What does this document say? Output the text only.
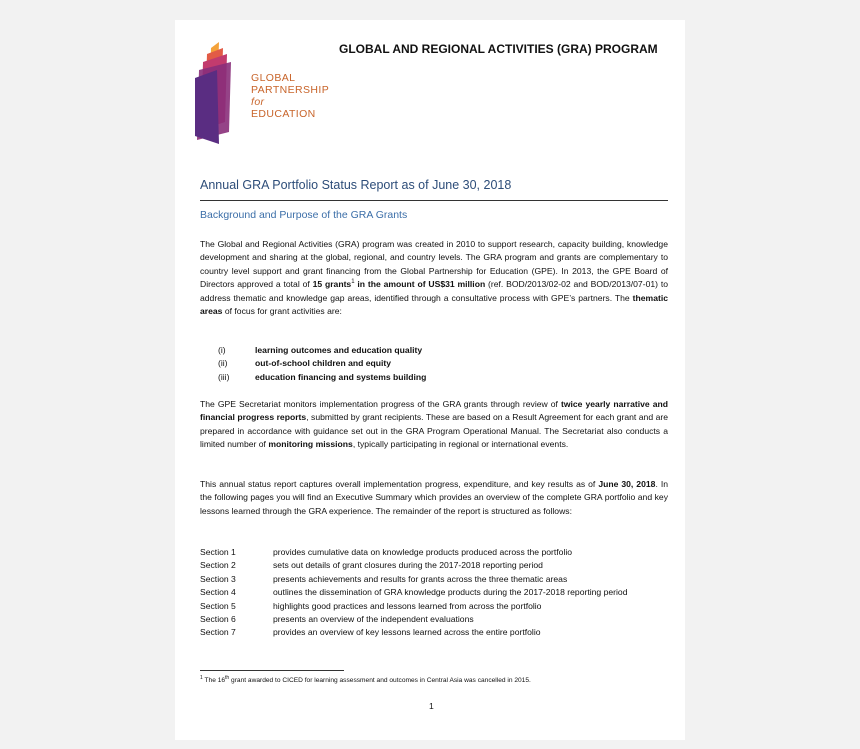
GLOBAL
PARTNERSHIP
for EDUCATION
GLOBAL AND REGIONAL ACTIVITIES (GRA) PROGRAM
Annual GRA Portfolio Status Report as of June 30, 2018
Background and Purpose of the GRA Grants
The Global and Regional Activities (GRA) program was created in 2010 to support research, capacity building, knowledge development and sharing at the global, regional, and country levels. The GRA program and grants are complementary to country level support and grant financing from the Global Partnership for Education (GPE). In 2013, the GPE Board of Directors approved a total of 15 grants$^1$ in the amount of US$31 million (ref. BOD/2013/02-02 and BOD/2013/07-01) to address thematic and knowledge gap areas, identified through a consultative process with GPE’s partners. The thematic areas of focus for grant activities are:
(i)	learning outcomes and education quality
(ii)	out-of-school children and equity
(iii)	education financing and systems building
The GPE Secretariat monitors implementation progress of the GRA grants through review of twice yearly narrative and financial progress reports, submitted by grant recipients. These are based on a Result Agreement for each grant and are prepared in accordance with guidance set out in the GRA Program Operational Manual. The Secretariat also conducts a limited number of monitoring missions, typically participating in regional or international events.
This annual status report captures overall implementation progress, expenditure, and key results as of June 30, 2018. In the following pages you will find an Executive Summary which provides an overview of the complete GRA portfolio and key lessons learned through the GRA experience. The remainder of the report is structured as follows:
Section 1	provides cumulative data on knowledge products produced across the portfolio
Section 2	sets out details of grant closures during the 2017-2018 reporting period
Section 3	presents achievements and results for grants across the three thematic areas
Section 4	outlines the dissemination of GRA knowledge products during the 2017-2018 reporting period
Section 5	highlights good practices and lessons learned from across the portfolio
Section 6	presents an overview of the independent evaluations
Section 7	provides an overview of key lessons learned across the entire portfolio
$^1$ The 16th grant awarded to CICED for learning assessment and outcomes in Central Asia was cancelled in 2015.
1
